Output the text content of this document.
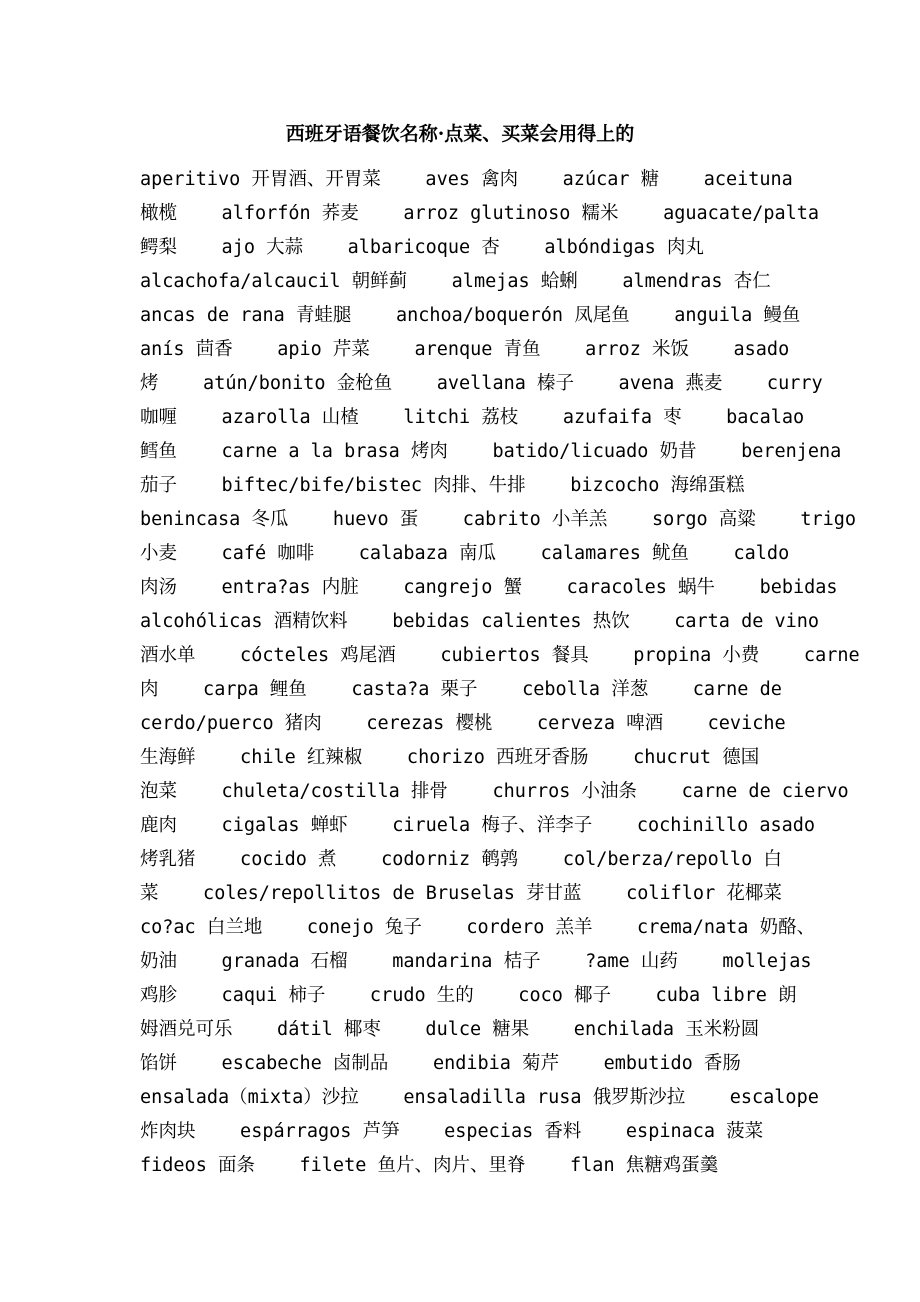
西班牙语餐饮名称·点菜、买菜会用得上的
aperitivo 开胃酒、开胃菜    aves 禽肉    azúcar 糖    aceituna
橄榄    alforfón 荞麦    arroz glutinoso 糯米    aguacate/palta
鳄梨    ajo 大蒜    albaricoque 杏    albóndigas 肉丸
alcachofa/alcaucil 朝鲜蓟    almejas 蛤蜊    almendras 杏仁
ancas de rana 青蛙腿    anchoa/boquerón 凤尾鱼    anguila 鳗鱼
anís 茴香    apio 芹菜    arenque 青鱼    arroz 米饭    asado
烤    atún/bonito 金枪鱼    avellana 榛子    avena 燕麦    curry
咖喱    azarolla 山楂    litchi 荔枝    azufaifa 枣    bacalao
鳕鱼    carne a la brasa 烤肉    batido/licuado 奶昔    berenjena
茄子    biftec/bife/bistec 肉排、牛排    bizcocho 海绵蛋糕
benincasa 冬瓜    huevo 蛋    cabrito 小羊羔    sorgo 高粱    trigo
小麦    café 咖啡    calabaza 南瓜    calamares 鱿鱼    caldo
肉汤    entra?as 内脏    cangrejo 蟹    caracoles 蜗牛    bebidas
alcohólicas 酒精饮料    bebidas calientes 热饮    carta de vino
酒水单    cócteles 鸡尾酒    cubiertos 餐具    propina 小费    carne
肉    carpa 鲤鱼    casta?a 栗子    cebolla 洋葱    carne de
cerdo/puerco 猪肉    cerezas 樱桃    cerveza 啤酒    ceviche
生海鲜    chile 红辣椒    chorizo 西班牙香肠    chucrut 德国
泡菜    chuleta/costilla 排骨    churros 小油条    carne de ciervo
鹿肉    cigalas 蝉虾    ciruela 梅子、洋李子    cochinillo asado
烤乳猪    cocido 煮    codorniz 鹌鹑    col/berza/repollo 白
菜    coles/repollitos de Bruselas 芽甘蓝    coliflor 花椰菜
co?ac 白兰地    conejo 兔子    cordero 羔羊    crema/nata 奶酪、
奶油    granada 石榴    mandarina 桔子    ?ame 山药    mollejas
鸡胗    caqui 柿子    crudo 生的    coco 椰子    cuba libre 朗
姆酒兑可乐    dátil 椰枣    dulce 糖果    enchilada 玉米粉圆
馅饼    escabeche 卤制品    endibia 菊芹    embutido 香肠
ensalada（mixta）沙拉    ensaladilla rusa 俄罗斯沙拉    escalope
炸肉块    espárragos 芦笋    especias 香料    espinaca 菠菜
fideos 面条    filete 鱼片、肉片、里脊    flan 焦糖鸡蛋羹
